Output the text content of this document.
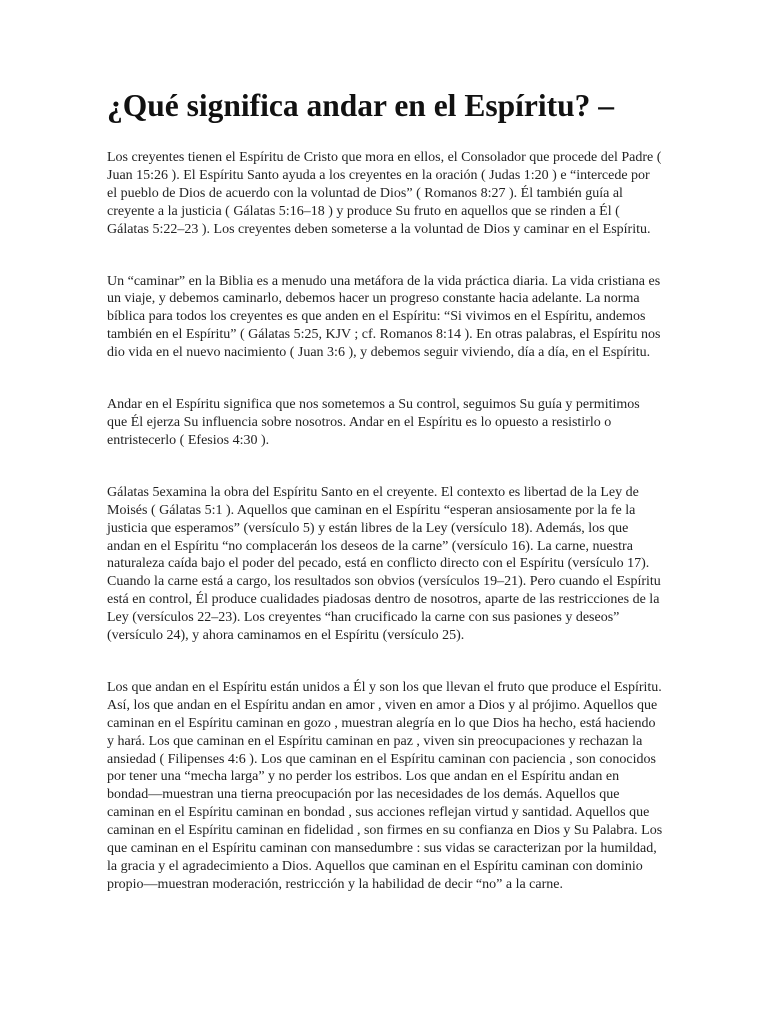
¿Qué significa andar en el Espíritu? –

Los creyentes tienen el Espíritu de Cristo que mora en ellos, el Consolador que procede del Padre ( Juan 15:26 ). El Espíritu Santo ayuda a los creyentes en la oración ( Judas 1:20 ) e “intercede por el pueblo de Dios de acuerdo con la voluntad de Dios” ( Romanos 8:27 ). Él también guía al creyente a la justicia ( Gálatas 5:16–18 ) y produce Su fruto en aquellos que se rinden a Él ( Gálatas 5:22–23 ). Los creyentes deben someterse a la voluntad de Dios y caminar en el Espíritu.

Un “caminar” en la Biblia es a menudo una metáfora de la vida práctica diaria. La vida cristiana es un viaje, y debemos caminarlo, debemos hacer un progreso constante hacia adelante. La norma bíblica para todos los creyentes es que anden en el Espíritu: “Si vivimos en el Espíritu, andemos también en el Espíritu” ( Gálatas 5:25, KJV ; cf. Romanos 8:14 ). En otras palabras, el Espíritu nos dio vida en el nuevo nacimiento ( Juan 3:6 ), y debemos seguir viviendo, día a día, en el Espíritu.

Andar en el Espíritu significa que nos sometemos a Su control, seguimos Su guía y permitimos que Él ejerza Su influencia sobre nosotros. Andar en el Espíritu es lo opuesto a resistirlo o entristecerlo ( Efesios 4:30 ).

Gálatas 5examina la obra del Espíritu Santo en el creyente. El contexto es libertad de la Ley de Moisés ( Gálatas 5:1 ). Aquellos que caminan en el Espíritu “esperan ansiosamente por la fe la justicia que esperamos” (versículo 5) y están libres de la Ley (versículo 18). Además, los que andan en el Espíritu “no complacerán los deseos de la carne” (versículo 16). La carne, nuestra naturaleza caída bajo el poder del pecado, está en conflicto directo con el Espíritu (versículo 17). Cuando la carne está a cargo, los resultados son obvios (versículos 19–21). Pero cuando el Espíritu está en control, Él produce cualidades piadosas dentro de nosotros, aparte de las restricciones de la Ley (versículos 22–23). Los creyentes “han crucificado la carne con sus pasiones y deseos” (versículo 24), y ahora caminamos en el Espíritu (versículo 25).

Los que andan en el Espíritu están unidos a Él y son los que llevan el fruto que produce el Espíritu. Así, los que andan en el Espíritu andan en amor , viven en amor a Dios y al prójimo. Aquellos que caminan en el Espíritu caminan en gozo , muestran alegría en lo que Dios ha hecho, está haciendo y hará. Los que caminan en el Espíritu caminan en paz , viven sin preocupaciones y rechazan la ansiedad ( Filipenses 4:6 ). Los que caminan en el Espíritu caminan con paciencia , son conocidos por tener una “mecha larga” y no perder los estribos. Los que andan en el Espíritu andan en bondad—muestran una tierna preocupación por las necesidades de los demás. Aquellos que caminan en el Espíritu caminan en bondad , sus acciones reflejan virtud y santidad. Aquellos que caminan en el Espíritu caminan en fidelidad , son firmes en su confianza en Dios y Su Palabra. Los que caminan en el Espíritu caminan con mansedumbre : sus vidas se caracterizan por la humildad, la gracia y el agradecimiento a Dios. Aquellos que caminan en el Espíritu caminan con dominio propio—muestran moderación, restricción y la habilidad de decir “no” a la carne.
